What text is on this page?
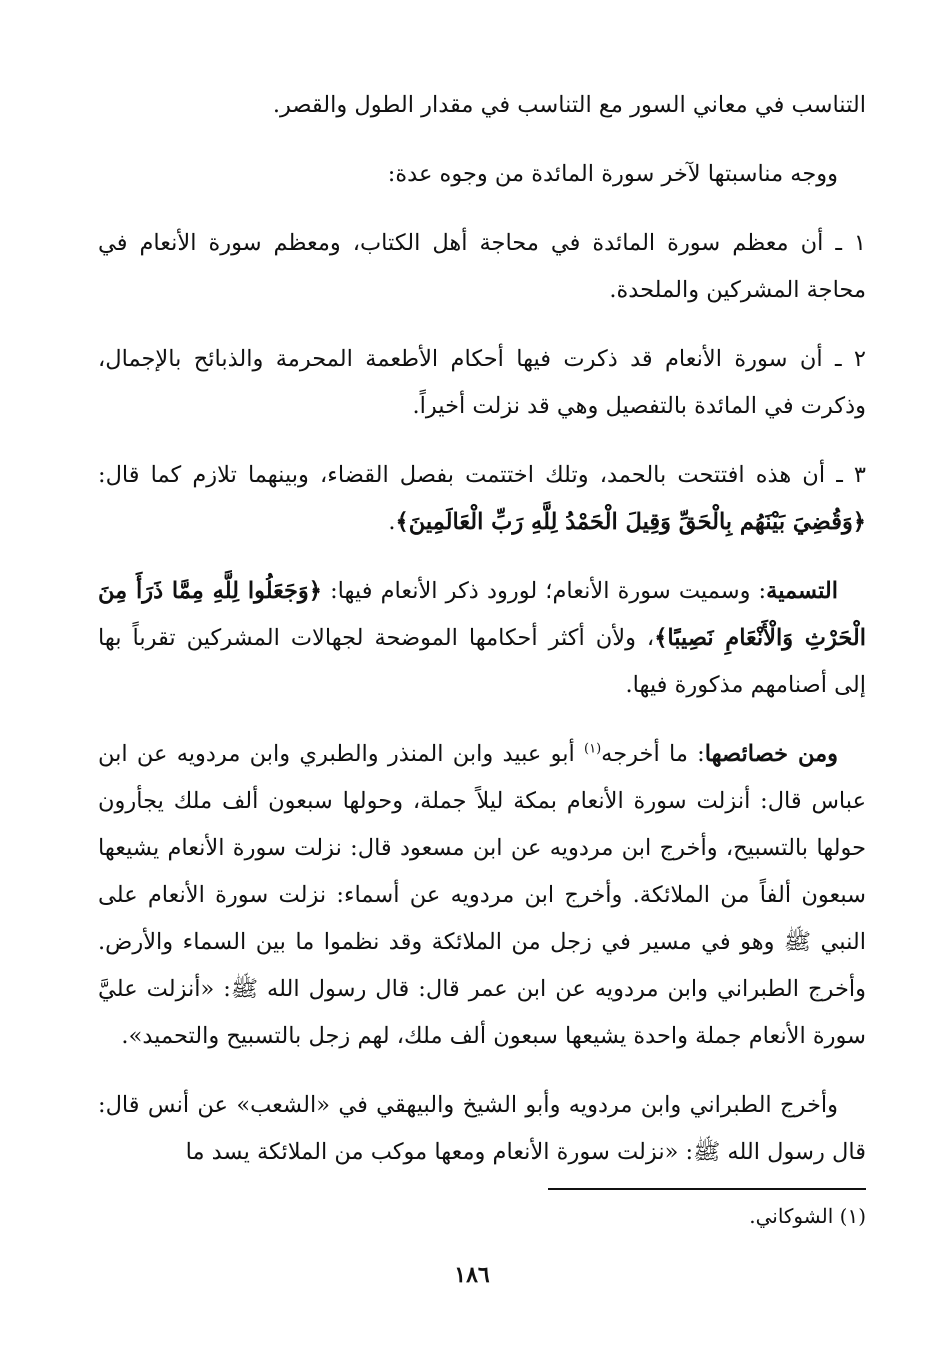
التناسب في معاني السور مع التناسب في مقدار الطول والقصر.

ووجه مناسبتها لآخر سورة المائدة من وجوه عدة:

١ ـ أن معظم سورة المائدة في محاجة أهل الكتاب، ومعظم سورة الأنعام في محاجة المشركين والملحدة.

٢ ـ أن سورة الأنعام قد ذكرت فيها أحكام الأطعمة المحرمة والذبائح بالإجمال، وذكرت في المائدة بالتفصيل وهي قد نزلت أخيراً.

٣ ـ أن هذه افتتحت بالحمد، وتلك اختتمت بفصل القضاء، وبينهما تلازم كما قال: ﴿وَقُضِيَ بَيْنَهُم بِالْحَقِّ وَقِيلَ الْحَمْدُ لِلَّهِ رَبِّ الْعَالَمِينَ﴾.

التسمية: وسميت سورة الأنعام؛ لورود ذكر الأنعام فيها: ﴿وَجَعَلُوا لِلَّهِ مِمَّا ذَرَأَ مِنَ الْحَرْثِ وَالْأَنْعَامِ نَصِيبًا﴾، ولأن أكثر أحكامها الموضحة لجهالات المشركين تقرباً بها إلى أصنامهم مذكورة فيها.

ومن خصائصها: ما أخرجه$^{(١)}$ أبو عبيد وابن المنذر والطبري وابن مردويه عن ابن عباس قال: أنزلت سورة الأنعام بمكة ليلاً جملة، وحولها سبعون ألف ملك يجأرون حولها بالتسبيح، وأخرج ابن مردويه عن ابن مسعود قال: نزلت سورة الأنعام يشيعها سبعون ألفاً من الملائكة. وأخرج ابن مردويه عن أسماء: نزلت سورة الأنعام على النبي ﷺ وهو في مسير في زجل من الملائكة وقد نظموا ما بين السماء والأرض. وأخرج الطبراني وابن مردويه عن ابن عمر قال: قال رسول الله ﷺ: «أنزلت عليَّ سورة الأنعام جملة واحدة يشيعها سبعون ألف ملك، لهم زجل بالتسبيح والتحميد».

وأخرج الطبراني وابن مردويه وأبو الشيخ والبيهقي في «الشعب» عن أنس قال: قال رسول الله ﷺ: «نزلت سورة الأنعام ومعها موكب من الملائكة يسد ما

(١) الشوكاني.
١٨٦
